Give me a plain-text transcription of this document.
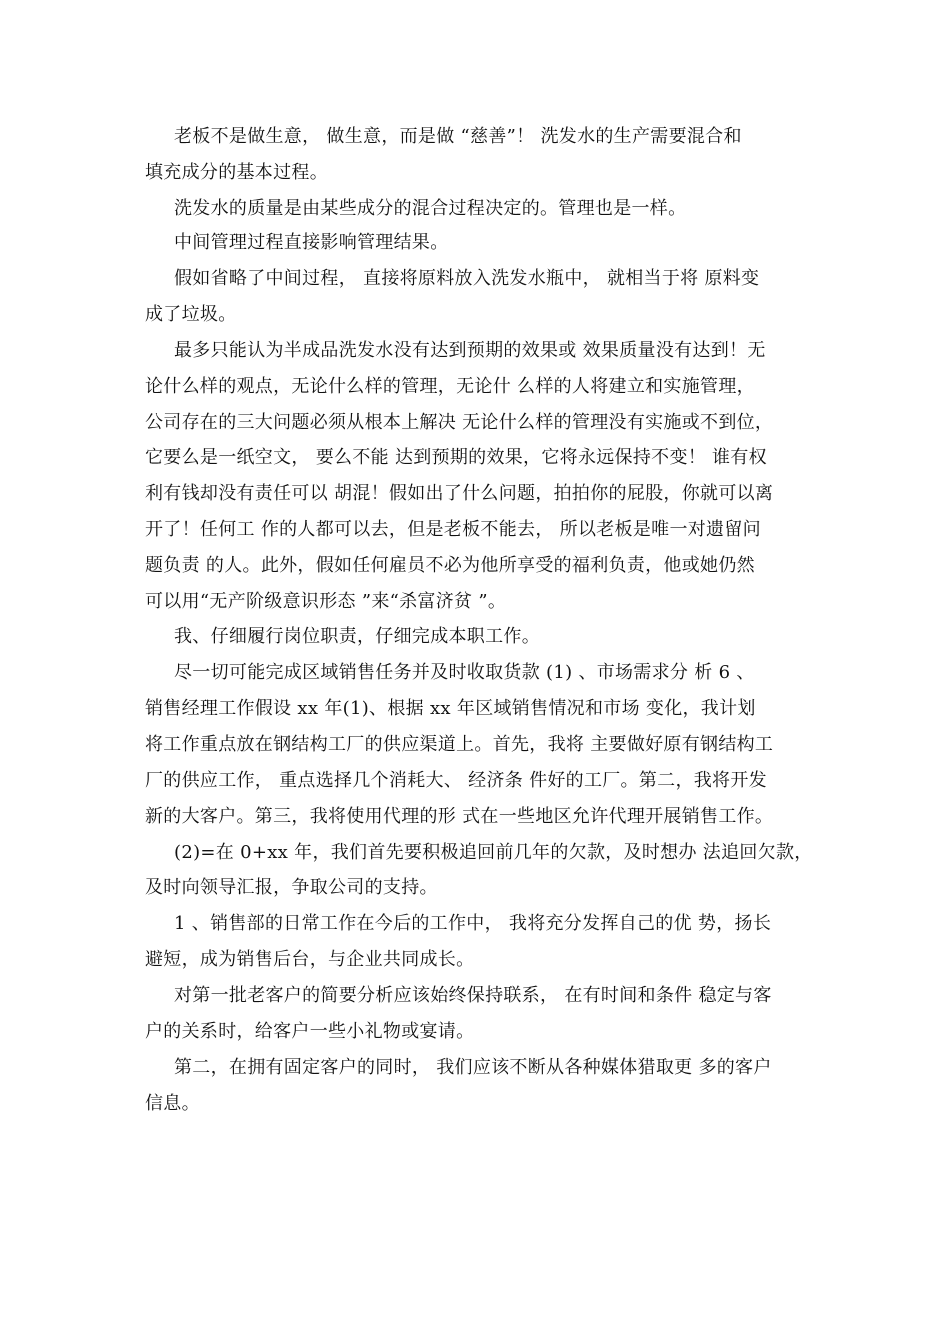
老板不是做生意， 做生意，而是做 “慈善”！ 洗发水的生产需要混合和
填充成分的基本过程。
洗发水的质量是由某些成分的混合过程决定的。管理也是一样。
中间管理过程直接影响管理结果。
假如省略了中间过程， 直接将原料放入洗发水瓶中， 就相当于将 原料变
成了垃圾。
最多只能认为半成品洗发水没有达到预期的效果或 效果质量没有达到！无
论什么样的观点，无论什么样的管理，无论什 么样的人将建立和实施管理，
公司存在的三大问题必须从根本上解决 无论什么样的管理没有实施或不到位，
它要么是一纸空文， 要么不能 达到预期的效果，它将永远保持不变！ 谁有权
利有钱却没有责任可以 胡混！假如出了什么问题，拍拍你的屁股，你就可以离
开了！任何工 作的人都可以去，但是老板不能去， 所以老板是唯一对遗留问
题负责 的人。此外，假如任何雇员不必为他所享受的福利负责，他或她仍然
可以用“无产阶级意识形态 ”来“杀富济贫 ”。
我、仔细履行岗位职责，仔细完成本职工作。
尽一切可能完成区域销售任务并及时收取货款 (1) 、市场需求分 析 6 、
销售经理工作假设 xx 年(1)、根据 xx 年区域销售情况和市场 变化，我计划
将工作重点放在钢结构工厂的供应渠道上。首先，我将 主要做好原有钢结构工
厂的供应工作， 重点选择几个消耗大、 经济条 件好的工厂。第二，我将开发
新的大客户。第三，我将使用代理的形 式在一些地区允许代理开展销售工作。
(2)=在 0+xx 年，我们首先要积极追回前几年的欠款，及时想办 法追回欠款，
及时向领导汇报，争取公司的支持。
1 、销售部的日常工作在今后的工作中， 我将充分发挥自己的优 势，扬长
避短，成为销售后台，与企业共同成长。
对第一批老客户的简要分析应该始终保持联系， 在有时间和条件 稳定与客
户的关系时，给客户一些小礼物或宴请。
第二，在拥有固定客户的同时， 我们应该不断从各种媒体猎取更 多的客户
信息。
